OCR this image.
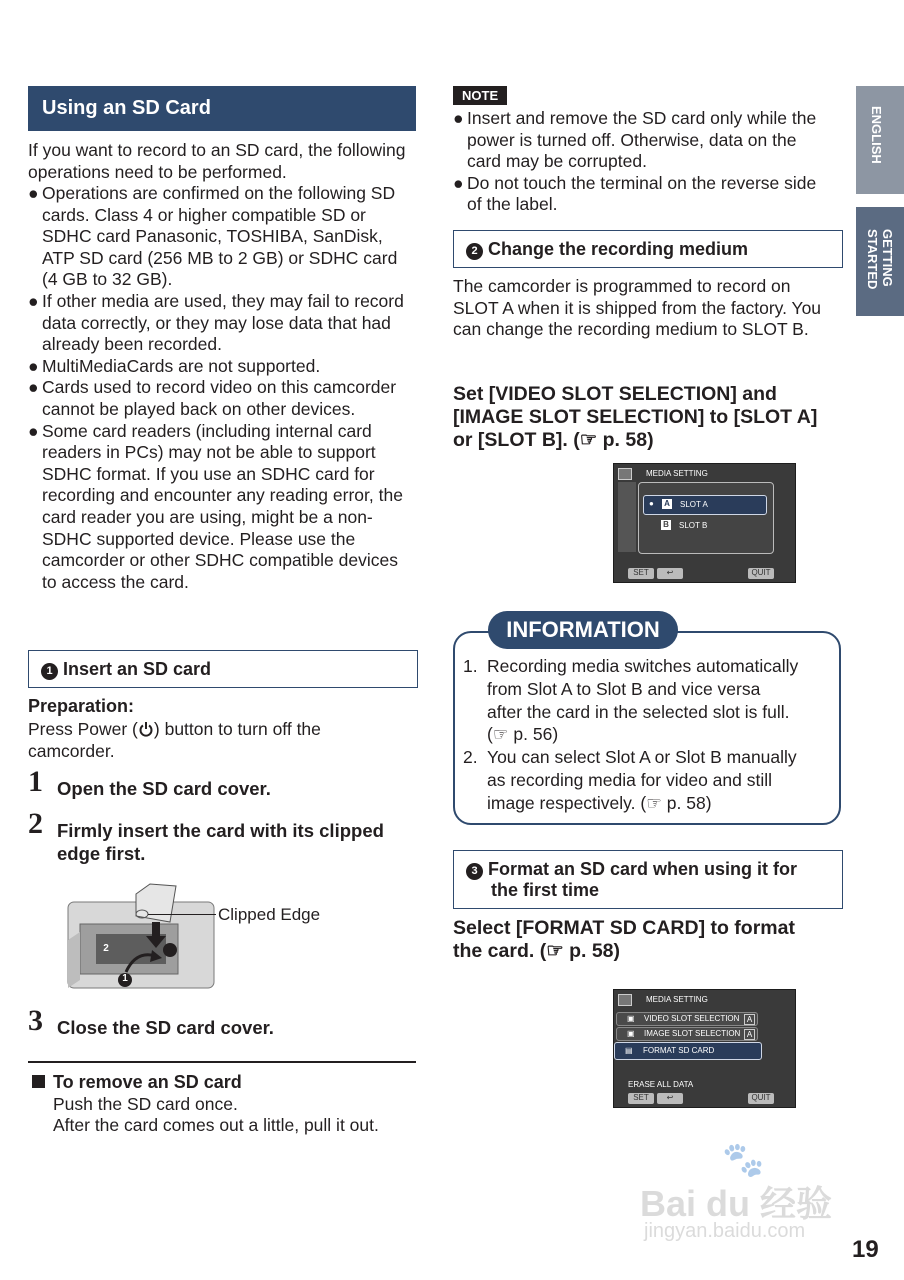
Using an SD Card
If you want to record to an SD card, the following operations need to be performed.
● Operations are confirmed on the following SD cards. Class 4 or higher compatible SD or SDHC card Panasonic, TOSHIBA, SanDisk, ATP SD card (256 MB to 2 GB) or SDHC card (4 GB to 32 GB).
● If other media are used, they may fail to record data correctly, or they may lose data that had already been recorded.
● MultiMediaCards are not supported.
● Cards used to record video on this camcorder cannot be played back on other devices.
● Some card readers (including internal card readers in PCs) may not be able to support SDHC format. If you use an SDHC card for recording and encounter any reading error, the card reader you are using, might be a non-SDHC supported device. Please use the camcorder or other SDHC compatible devices to access the card.
1 Insert an SD card
Preparation:
Press Power ( ) button to turn off the
camcorder.
1 Open the SD card cover.
2 Firmly insert the card with its clipped
edge first.
2
1
Clipped Edge
3 Close the SD card cover.
To remove an SD card
Push the SD card once.
After the card comes out a little, pull it out.
NOTE
● Insert and remove the SD card only while the power is turned off. Otherwise, data on the card may be corrupted.
● Do not touch the terminal on the reverse side of the label.
2 Change the recording medium
The camcorder is programmed to record on SLOT A when it is shipped from the factory. You can change the recording medium to SLOT B.
Set [VIDEO SLOT SELECTION] and
[IMAGE SLOT SELECTION] to [SLOT A]
or [SLOT B]. (☞ p. 58)
MEDIA SETTING
● A SLOT A
B SLOT B
SET	↩	QUIT
INFORMATION
1. Recording media switches automatically
from Slot A to Slot B and vice versa
after the card in the selected slot is full.
(☞ p. 56)
2. You can select Slot A or Slot B manually
as recording media for video and still
image respectively. (☞ p. 58)
3 Format an SD card when using it for
the first time
Select [FORMAT SD CARD] to format
the card. (☞ p. 58)
MEDIA SETTING
▣ VIDEO SLOT SELECTION A
▣ IMAGE SLOT SELECTION A
▤ FORMAT SD CARD
ERASE ALL DATA
SET	↩	QUIT
ENGLISH
GETTING STARTED
🐾
Bai du 经验
jingyan.baidu.com
19
